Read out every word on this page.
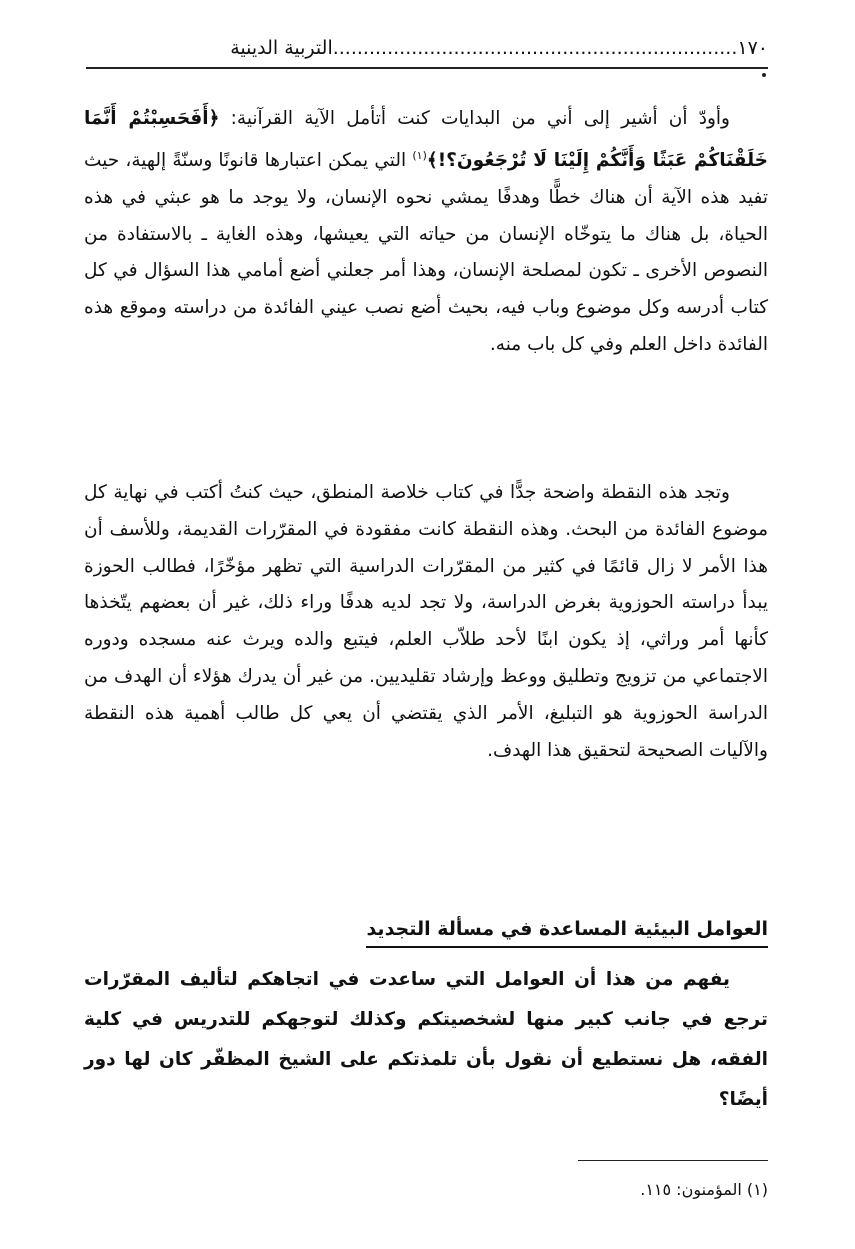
١٧٠...................................................................التربية الدينية

وأودّ أن أشير إلى أني من البدايات كنت أتأمل الآية القرآنية: ﴿أَفَحَسِبْتُمْ أَنَّمَا خَلَقْنَاكُمْ عَبَثًا وَأَنَّكُمْ إِلَيْنَا لَا تُرْجَعُونَ؟!﴾$^{(١)}$ التي يمكن اعتبارها قانونًا وسنّةً إلهية، حيث تفيد هذه الآية أن هناك خطًّا وهدفًا يمشي نحوه الإنسان، ولا يوجد ما هو عبثي في هذه الحياة، بل هناك ما يتوخّاه الإنسان من حياته التي يعيشها، وهذه الغاية ـ بالاستفادة من النصوص الأخرى ـ تكون لمصلحة الإنسان، وهذا أمر جعلني أضع أمامي هذا السؤال في كل كتاب أدرسه وكل موضوع وباب فيه، بحيث أضع نصب عيني الفائدة من دراسته وموقع هذه الفائدة داخل العلم وفي كل باب منه.

وتجد هذه النقطة واضحة جدًّا في كتاب خلاصة المنطق، حيث كنتُ أكتب في نهاية كل موضوع الفائدة من البحث. وهذه النقطة كانت مفقودة في المقرّرات القديمة، وللأسف أن هذا الأمر لا زال قائمًا في كثير من المقرّرات الدراسية التي تظهر مؤخّرًا، فطالب الحوزة يبدأ دراسته الحوزوية بغرض الدراسة، ولا تجد لديه هدفًا وراء ذلك، غير أن بعضهم يتّخذها كأنها أمر وراثي، إذ يكون ابنًا لأحد طلاّب العلم، فيتبع والده ويرث عنه مسجده ودوره الاجتماعي من تزويج وتطليق ووعظ وإرشاد تقليديين. من غير أن يدرك هؤلاء أن الهدف من الدراسة الحوزوية هو التبليغ، الأمر الذي يقتضي أن يعي كل طالب أهمية هذه النقطة والآليات الصحيحة لتحقيق هذا الهدف.

العوامل البيئية المساعدة في مسألة التجديد

يفهم من هذا أن العوامل التي ساعدت في اتجاهكم لتأليف المقرّرات ترجع في جانب كبير منها لشخصيتكم وكذلك لتوجهكم للتدريس في كلية الفقه، هل نستطيع أن نقول بأن تلمذتكم على الشيخ المظفّر كان لها دور أيضًا؟

(١) المؤمنون: ١١٥.
